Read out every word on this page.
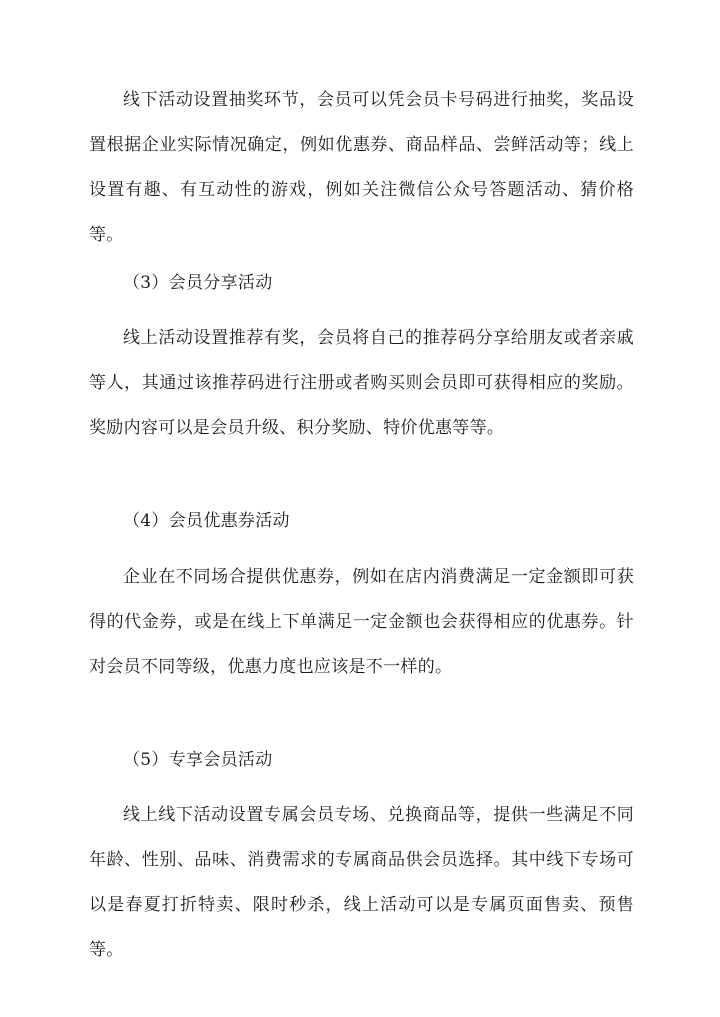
线下活动设置抽奖环节，会员可以凭会员卡号码进行抽奖，奖品设置根据企业实际情况确定，例如优惠券、商品样品、尝鲜活动等；线上设置有趣、有互动性的游戏，例如关注微信公众号答题活动、猜价格等。

（3）会员分享活动

线上活动设置推荐有奖，会员将自己的推荐码分享给朋友或者亲戚等人，其通过该推荐码进行注册或者购买则会员即可获得相应的奖励。奖励内容可以是会员升级、积分奖励、特价优惠等等。

（4）会员优惠券活动

企业在不同场合提供优惠券，例如在店内消费满足一定金额即可获得的代金券，或是在线上下单满足一定金额也会获得相应的优惠券。针对会员不同等级，优惠力度也应该是不一样的。

（5）专享会员活动

线上线下活动设置专属会员专场、兑换商品等，提供一些满足不同年龄、性别、品味、消费需求的专属商品供会员选择。其中线下专场可以是春夏打折特卖、限时秒杀，线上活动可以是专属页面售卖、预售等。
